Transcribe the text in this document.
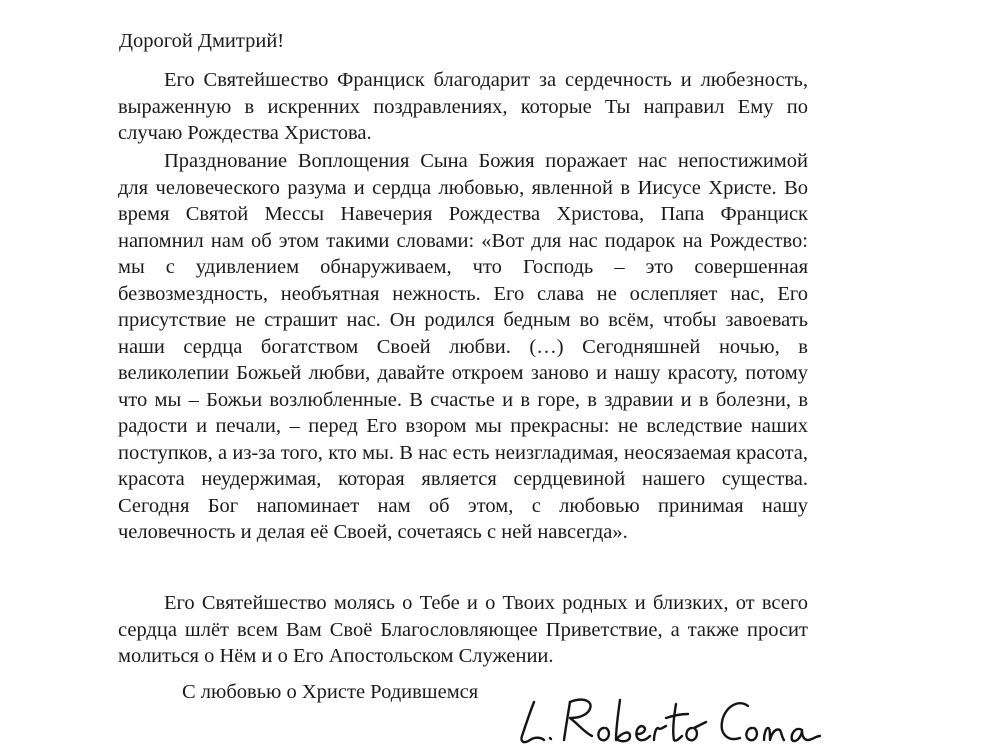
Дорогой Дмитрий!

Его Святейшество Франциск благодарит за сердечность и любезность, выраженную в искренних поздравлениях, которые Ты направил Ему по случаю Рождества Христова.

Празднование Воплощения Сына Божия поражает нас непостижимой для человеческого разума и сердца любовью, явленной в Иисусе Христе. Во время Святой Мессы Навечерия Рождества Христова, Папа Франциск напомнил нам об этом такими словами: «Вот для нас подарок на Рождество: мы с удивлением обнаруживаем, что Господь – это совершенная безвозмездность, необъятная нежность. Его слава не ослепляет нас, Его присутствие не страшит нас. Он родился бедным во всём, чтобы завоевать наши сердца богатством Своей любви. (…) Сегодняшней ночью, в великолепии Божьей любви, давайте откроем заново и нашу красоту, потому что мы – Божьи возлюбленные. В счастье и в горе, в здравии и в болезни, в радости и печали, – перед Его взором мы прекрасны: не вследствие наших поступков, а из-за того, кто мы. В нас есть неизгладимая, неосязаемая красота, красота неудержимая, которая является сердцевиной нашего существа. Сегодня Бог напоминает нам об этом, с любовью принимая нашу человечность и делая её Своей, сочетаясь с ней навсегда».

Его Святейшество молясь о Тебе и о Твоих родных и близких, от всего сердца шлёт всем Вам Своё Благословляющее Приветствие, а также просит молиться о Нём и о Его Апостольском Служении.

С любовью о Христе Родившемся
